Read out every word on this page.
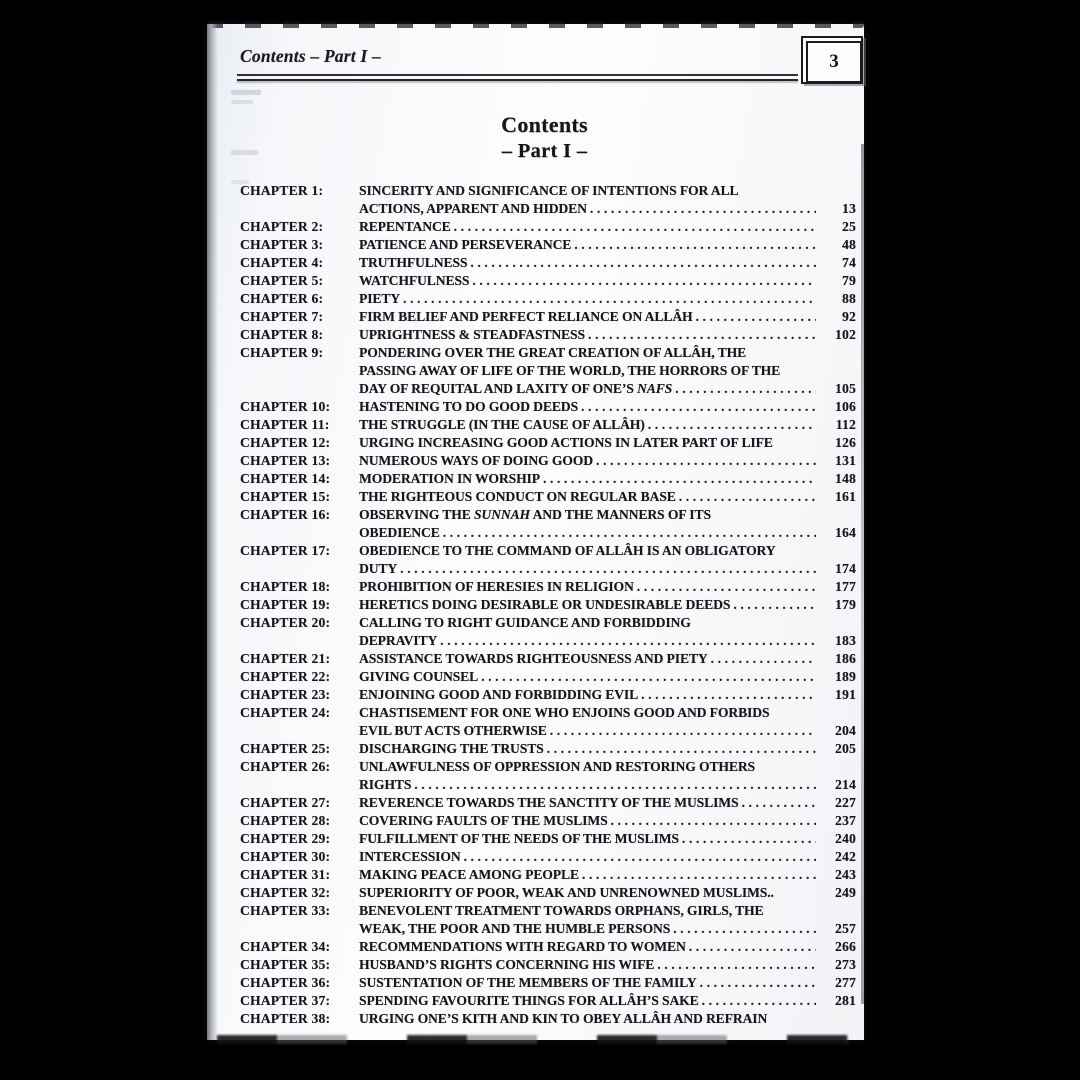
Contents – Part I –	3
Contents
– Part I –
CHAPTER 1:	SINCERITY AND SIGNIFICANCE OF INTENTIONS FOR ALL
ACTIONS, APPARENT AND HIDDEN .....	13
CHAPTER 2:	REPENTANCE .....	25
CHAPTER 3:	PATIENCE AND PERSEVERANCE .....	48
CHAPTER 4:	TRUTHFULNESS .....	74
CHAPTER 5:	WATCHFULNESS .....	79
CHAPTER 6:	PIETY .....	88
CHAPTER 7:	FIRM BELIEF AND PERFECT RELIANCE ON ALLÂH .....	92
CHAPTER 8:	UPRIGHTNESS & STEADFASTNESS .....	102
CHAPTER 9:	PONDERING OVER THE GREAT CREATION OF ALLÂH, THE
PASSING AWAY OF LIFE OF THE WORLD, THE HORRORS OF THE
DAY OF REQUITAL AND LAXITY OF ONE’S NAFS .....	105
CHAPTER 10:	HASTENING TO DO GOOD DEEDS .....	106
CHAPTER 11:	THE STRUGGLE (IN THE CAUSE OF ALLÂH) .....	112
CHAPTER 12:	URGING INCREASING GOOD ACTIONS IN LATER PART OF LIFE	126
CHAPTER 13:	NUMEROUS WAYS OF DOING GOOD .....	131
CHAPTER 14:	MODERATION IN WORSHIP .....	148
CHAPTER 15:	THE RIGHTEOUS CONDUCT ON REGULAR BASE .....	161
CHAPTER 16:	OBSERVING THE SUNNAH AND THE MANNERS OF ITS
OBEDIENCE .....	164
CHAPTER 17:	OBEDIENCE TO THE COMMAND OF ALLÂH IS AN OBLIGATORY
DUTY .....	174
CHAPTER 18:	PROHIBITION OF HERESIES IN RELIGION .....	177
CHAPTER 19:	HERETICS DOING DESIRABLE OR UNDESIRABLE DEEDS .....	179
CHAPTER 20:	CALLING TO RIGHT GUIDANCE AND FORBIDDING
DEPRAVITY .....	183
CHAPTER 21:	ASSISTANCE TOWARDS RIGHTEOUSNESS AND PIETY .....	186
CHAPTER 22:	GIVING COUNSEL .....	189
CHAPTER 23:	ENJOINING GOOD AND FORBIDDING EVIL .....	191
CHAPTER 24:	CHASTISEMENT FOR ONE WHO ENJOINS GOOD AND FORBIDS
EVIL BUT ACTS OTHERWISE .....	204
CHAPTER 25:	DISCHARGING THE TRUSTS .....	205
CHAPTER 26:	UNLAWFULNESS OF OPPRESSION AND RESTORING OTHERS
RIGHTS .....	214
CHAPTER 27:	REVERENCE TOWARDS THE SANCTITY OF THE MUSLIMS .....	227
CHAPTER 28:	COVERING FAULTS OF THE MUSLIMS .....	237
CHAPTER 29:	FULFILLMENT OF THE NEEDS OF THE MUSLIMS .....	240
CHAPTER 30:	INTERCESSION .....	242
CHAPTER 31:	MAKING PEACE AMONG PEOPLE .....	243
CHAPTER 32:	SUPERIORITY OF POOR, WEAK AND UNRENOWNED MUSLIMS..	249
CHAPTER 33:	BENEVOLENT TREATMENT TOWARDS ORPHANS, GIRLS, THE
WEAK, THE POOR AND THE HUMBLE PERSONS .....	257
CHAPTER 34:	RECOMMENDATIONS WITH REGARD TO WOMEN .....	266
CHAPTER 35:	HUSBAND’S RIGHTS CONCERNING HIS WIFE .....	273
CHAPTER 36:	SUSTENTATION OF THE MEMBERS OF THE FAMILY .....	277
CHAPTER 37:	SPENDING FAVOURITE THINGS FOR ALLÂH’S SAKE .....	281
CHAPTER 38:	URGING ONE’S KITH AND KIN TO OBEY ALLÂH AND REFRAIN
